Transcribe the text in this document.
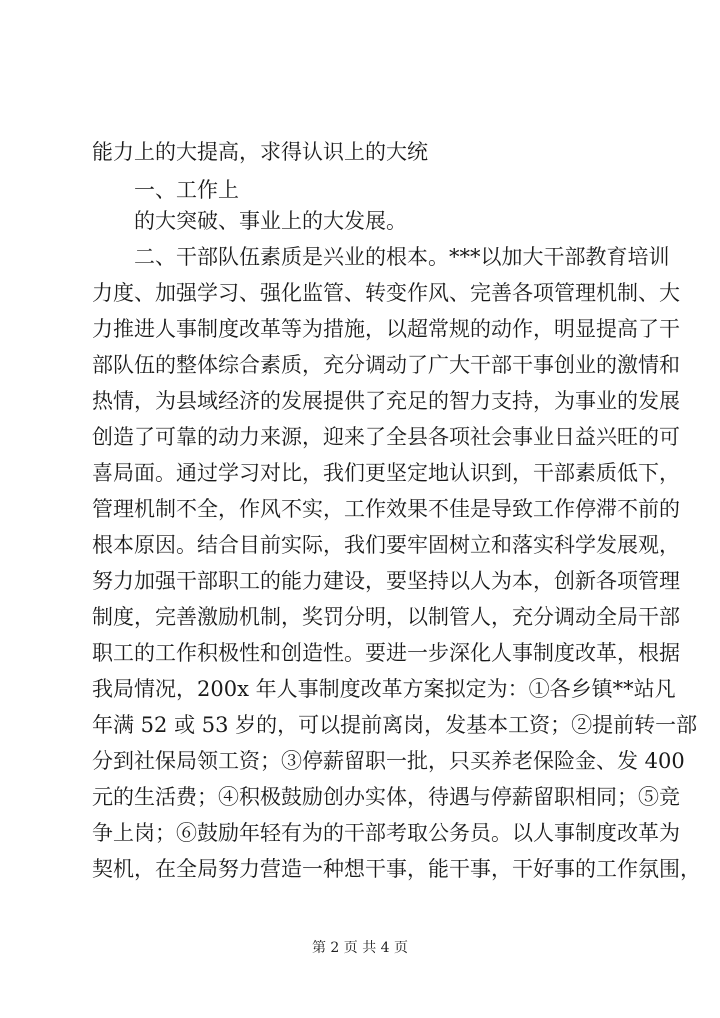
能力上的大提高，求得认识上的大统
一、工作上
的大突破、事业上的大发展。
二、干部队伍素质是兴业的根本。***以加大干部教育培训
力度、加强学习、强化监管、转变作风、完善各项管理机制、大
力推进人事制度改革等为措施，以超常规的动作，明显提高了干
部队伍的整体综合素质，充分调动了广大干部干事创业的激情和
热情，为县域经济的发展提供了充足的智力支持，为事业的发展
创造了可靠的动力来源，迎来了全县各项社会事业日益兴旺的可
喜局面。通过学习对比，我们更坚定地认识到，干部素质低下，
管理机制不全，作风不实，工作效果不佳是导致工作停滞不前的
根本原因。结合目前实际，我们要牢固树立和落实科学发展观，
努力加强干部职工的能力建设，要坚持以人为本，创新各项管理
制度，完善激励机制，奖罚分明，以制管人，充分调动全局干部
职工的工作积极性和创造性。要进一步深化人事制度改革，根据
我局情况，200x 年人事制度改革方案拟定为：①各乡镇**站凡
年满 52 或 53 岁的，可以提前离岗，发基本工资；②提前转一部
分到社保局领工资；③停薪留职一批，只买养老保险金、发 400
元的生活费；④积极鼓励创办实体，待遇与停薪留职相同；⑤竞
争上岗；⑥鼓励年轻有为的干部考取公务员。以人事制度改革为
契机，在全局努力营造一种想干事，能干事，干好事的工作氛围，
第 2 页 共 4 页
